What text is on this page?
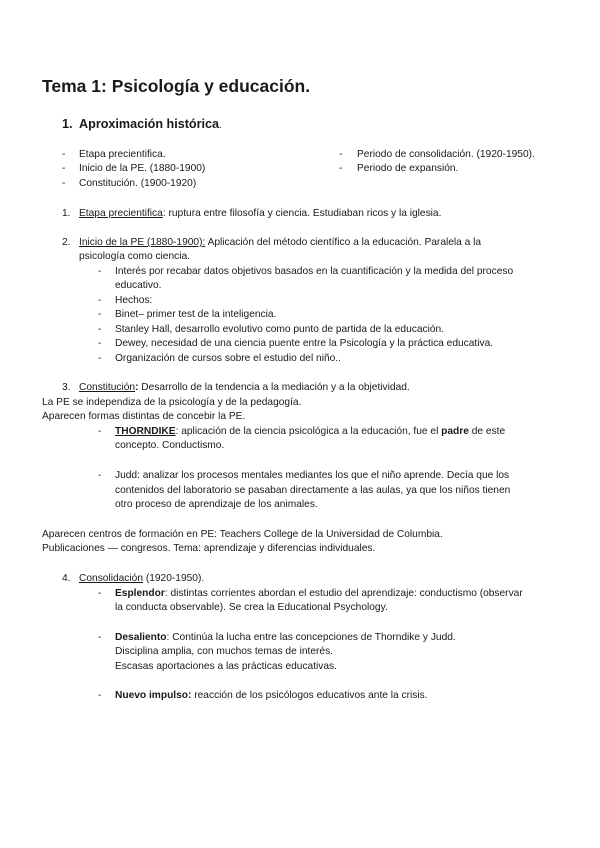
Tema 1: Psicología y educación.
1. Aproximación histórica.
- Etapa precientifica.
- Inicio de la PE. (1880-1900)
- Constitución. (1900-1920)
- Periodo de consolidación. (1920-1950).
- Periodo de expansión.
1. Etapa precientifica: ruptura entre filosofía y ciencia. Estudiaban ricos y la iglesia.
2. Inicio de la PE (1880-1900): Aplicación del método científico a la educación. Paralela a la
psicología como ciencia.
- Interés por recabar datos objetivos basados en la cuantificación y la medida del proceso
educativo.
- Hechos:
- Binet– primer test de la inteligencia.
- Stanley Hall, desarrollo evolutivo como punto de partida de la educación.
- Dewey, necesidad de una ciencia puente entre la Psicología y la práctica educativa.
- Organización de cursos sobre el estudio del niño..
3. Constitución: Desarrollo de la tendencia a la mediación y a la objetividad.
La PE se independiza de la psicología y de la pedagogía.
Aparecen formas distintas de concebir la PE.
- THORNDIKE: aplicación de la ciencia psicológica a la educación, fue el padre de este
concepto. Conductismo.
- Judd: analizar los procesos mentales mediantes los que el niño aprende. Decía que los
contenidos del laboratorio se pasaban directamente a las aulas, ya que los niños tienen
otro proceso de aprendizaje de los animales.
Aparecen centros de formación en PE: Teachers College de la Universidad de Columbia.
Publicaciones — congresos. Tema: aprendizaje y diferencias individuales.
4. Consolidación (1920-1950).
- Esplendor: distintas corrientes abordan el estudio del aprendizaje: conductismo (observar
la conducta observable). Se crea la Educational Psychology.
- Desaliento: Continúa la lucha entre las concepciones de Thorndike y Judd.
Disciplina amplia, con muchos temas de interés.
Escasas aportaciones a las prácticas educativas.
- Nuevo impulso: reacción de los psicólogos educativos ante la crisis.
